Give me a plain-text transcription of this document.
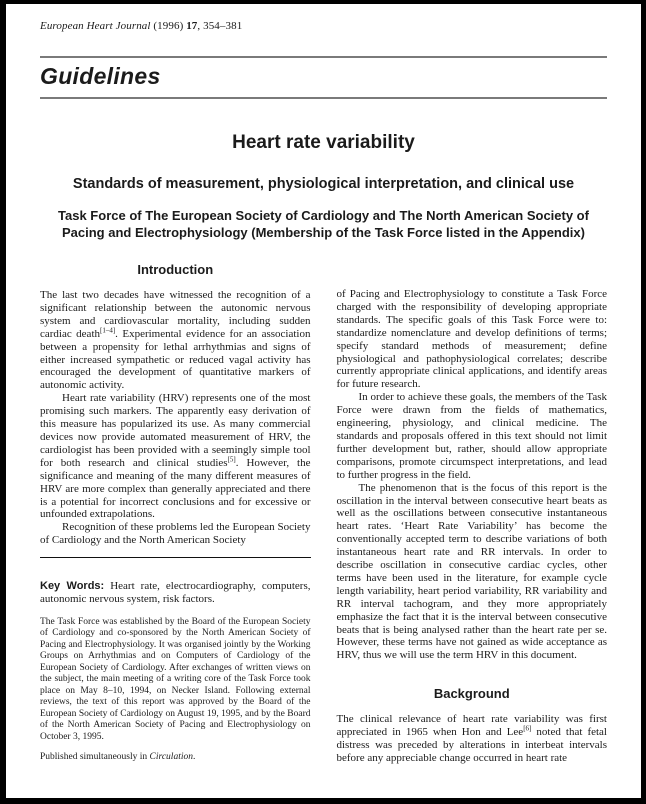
European Heart Journal (1996) 17, 354–381
Guidelines
Heart rate variability
Standards of measurement, physiological interpretation, and clinical use
Task Force of The European Society of Cardiology and The North American Society of Pacing and Electrophysiology (Membership of the Task Force listed in the Appendix)
Introduction

The last two decades have witnessed the recognition of a significant relationship between the autonomic nervous system and cardiovascular mortality, including sudden cardiac death[1–4]. Experimental evidence for an association between a propensity for lethal arrhythmias and signs of either increased sympathetic or reduced vagal activity has encouraged the development of quantitative markers of autonomic activity.

Heart rate variability (HRV) represents one of the most promising such markers. The apparently easy derivation of this measure has popularized its use. As many commercial devices now provide automated measurement of HRV, the cardiologist has been provided with a seemingly simple tool for both research and clinical studies[5]. However, the significance and meaning of the many different measures of HRV are more complex than generally appreciated and there is a potential for incorrect conclusions and for excessive or unfounded extrapolations.

Recognition of these problems led the European Society of Cardiology and the North American Society

Key Words: Heart rate, electrocardiography, computers, autonomic nervous system, risk factors.

The Task Force was established by the Board of the European Society of Cardiology and co-sponsored by the North American Society of Pacing and Electrophysiology. It was organised jointly by the Working Groups on Arrhythmias and on Computers of Cardiology of the European Society of Cardiology. After exchanges of written views on the subject, the main meeting of a writing core of the Task Force took place on May 8–10, 1994, on Necker Island. Following external reviews, the text of this report was approved by the Board of the European Society of Cardiology on August 19, 1995, and by the Board of the North American Society of Pacing and Electrophysiology on October 3, 1995.

Published simultaneously in Circulation.

of Pacing and Electrophysiology to constitute a Task Force charged with the responsibility of developing appropriate standards. The specific goals of this Task Force were to: standardize nomenclature and develop definitions of terms; specify standard methods of measurement; define physiological and pathophysiological correlates; describe currently appropriate clinical applications, and identify areas for future research.

In order to achieve these goals, the members of the Task Force were drawn from the fields of mathematics, engineering, physiology, and clinical medicine. The standards and proposals offered in this text should not limit further development but, rather, should allow appropriate comparisons, promote circumspect interpretations, and lead to further progress in the field.

The phenomenon that is the focus of this report is the oscillation in the interval between consecutive heart beats as well as the oscillations between consecutive instantaneous heart rates. ‘Heart Rate Variability’ has become the conventionally accepted term to describe variations of both instantaneous heart rate and RR intervals. In order to describe oscillation in consecutive cardiac cycles, other terms have been used in the literature, for example cycle length variability, heart period variability, RR variability and RR interval tachogram, and they more appropriately emphasize the fact that it is the interval between consecutive beats that is being analysed rather than the heart rate per se. However, these terms have not gained as wide acceptance as HRV, thus we will use the term HRV in this document.

Background

The clinical relevance of heart rate variability was first appreciated in 1965 when Hon and Lee[6] noted that fetal distress was preceded by alterations in interbeat intervals before any appreciable change occurred in heart rate
